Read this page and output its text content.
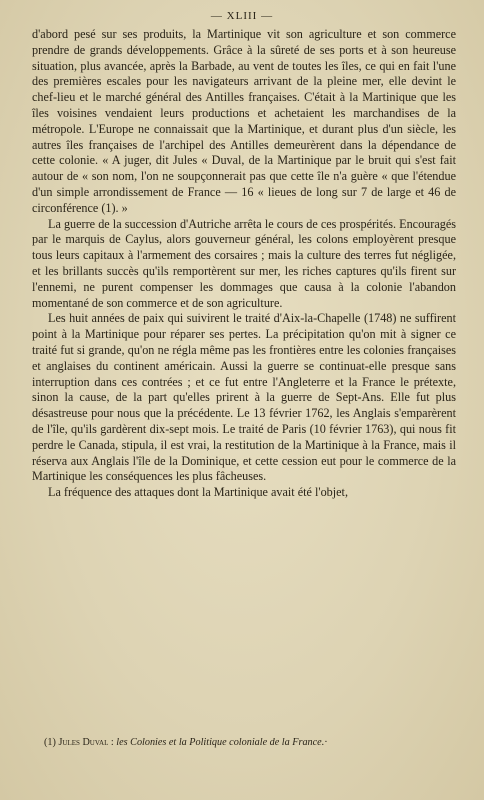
— XLIII —

d'abord pesé sur ses produits, la Martinique vit son agriculture et son commerce prendre de grands développements. Grâce à la sûreté de ses ports et à son heureuse situation, plus avancée, après la Barbade, au vent de toutes les îles, ce qui en fait l'une des premières escales pour les navigateurs arrivant de la pleine mer, elle devint le chef-lieu et le marché général des Antilles françaises. C'était à la Martinique que les îles voisines vendaient leurs productions et achetaient les marchandises de la métropole. L'Europe ne connaissait que la Martinique, et durant plus d'un siècle, les autres îles françaises de l'archipel des Antilles demeurèrent dans la dépendance de cette colonie. « A juger, dit Jules « Duval, de la Martinique par le bruit qui s'est fait autour de « son nom, l'on ne soupçonnerait pas que cette île n'a guère « que l'étendue d'un simple arrondissement de France — 16 « lieues de long sur 7 de large et 46 de circonférence (1). »

La guerre de la succession d'Autriche arrêta le cours de ces prospérités. Encouragés par le marquis de Caylus, alors gouverneur général, les colons employèrent presque tous leurs capitaux à l'armement des corsaires ; mais la culture des terres fut négligée, et les brillants succès qu'ils remportèrent sur mer, les riches captures qu'ils firent sur l'ennemi, ne purent compenser les dommages que causa à la colonie l'abandon momentané de son commerce et de son agriculture.

Les huit années de paix qui suivirent le traité d'Aix-la-Chapelle (1748) ne suffirent point à la Martinique pour réparer ses pertes. La précipitation qu'on mit à signer ce traité fut si grande, qu'on ne régla même pas les frontières entre les colonies françaises et anglaises du continent américain. Aussi la guerre se continuat-elle presque sans interruption dans ces contrées ; et ce fut entre l'Angleterre et la France le prétexte, sinon la cause, de la part qu'elles prirent à la guerre de Sept-Ans. Elle fut plus désastreuse pour nous que la précédente. Le 13 février 1762, les Anglais s'emparèrent de l'île, qu'ils gardèrent dix-sept mois. Le traité de Paris (10 février 1763), qui nous fit perdre le Canada, stipula, il est vrai, la restitution de la Martinique à la France, mais il réserva aux Anglais l'île de la Dominique, et cette cession eut pour le commerce de la Martinique les conséquences les plus fâcheuses.

La fréquence des attaques dont la Martinique avait été l'objet,

(1) Jules Duval : les Colonies et la Politique coloniale de la France.·
